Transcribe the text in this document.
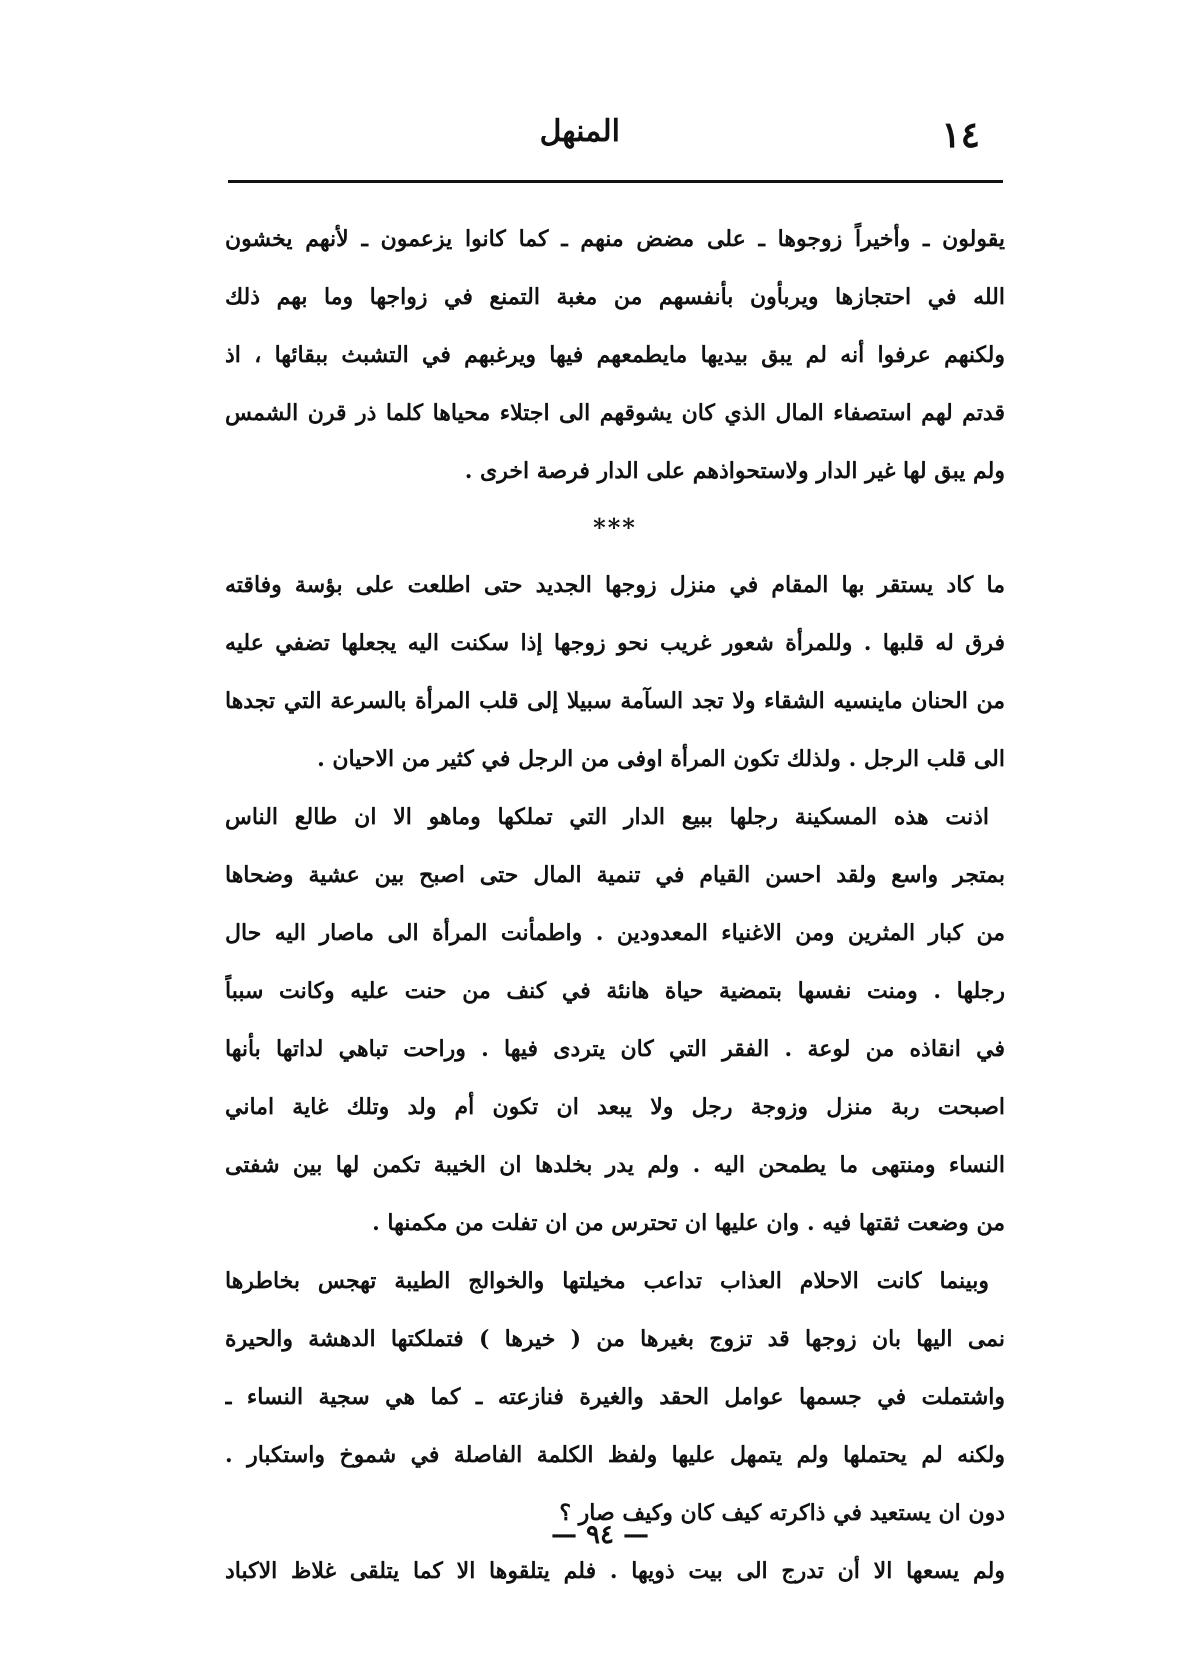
١٤
المنهل
يقولون ـ وأخيراً زوجوها ـ على مضض منهم ـ كما كانوا يزعمون ـ لأنهم يخشون
الله في احتجازها ويربأون بأنفسهم من مغبة التمنع في زواجها وما بهم ذلك
ولكنهم عرفوا أنه لم يبق بيديها مايطمعهم فيها ويرغبهم في التشبث ببقائها ، اذ
قدتم لهم استصفاء المال الذي كان يشوقهم الى اجتلاء محياها كلما ذر قرن الشمس
ولم يبق لها غير الدار ولاستحواذهم على الدار فرصة اخرى .
***
ما كاد يستقر بها المقام في منزل زوجها الجديد حتى اطلعت على بؤسة وفاقته
فرق له قلبها . وللمرأة شعور غريب نحو زوجها إذا سكنت اليه يجعلها تضفي عليه
من الحنان ماينسيه الشقاء ولا تجد السآمة سبيلا إلى قلب المرأة بالسرعة التي تجدها
الى قلب الرجل . ولذلك تكون المرأة اوفى من الرجل في كثير من الاحيان .
اذنت هذه المسكينة رجلها ببيع الدار التي تملكها وماهو الا ان طالع الناس
بمتجر واسع ولقد احسن القيام في تنمية المال حتى اصبح بين عشية وضحاها
من كبار المثرين ومن الاغنياء المعدودين . واطمأنت المرأة الى ماصار اليه حال
رجلها . ومنت نفسها بتمضية حياة هانئة في كنف من حنت عليه وكانت سبباً
في انقاذه من لوعة . الفقر التي كان يتردى فيها . وراحت تباهي لداتها بأنها
اصبحت ربة منزل وزوجة رجل ولا يبعد ان تكون أم ولد وتلك غاية اماني
النساء ومنتهى ما يطمحن اليه . ولم يدر بخلدها ان الخيبة تكمن لها بين شفتى
من وضعت ثقتها فيه . وان عليها ان تحترس من ان تفلت من مكمنها .
وبينما كانت الاحلام العذاب تداعب مخيلتها والخوالج الطيبة تهجس بخاطرها
نمى اليها بان زوجها قد تزوج بغيرها من ( خيرها ) فتملكتها الدهشة والحيرة
واشتملت في جسمها عوامل الحقد والغيرة فنازعته ـ كما هي سجية النساء ـ
ولكنه لم يحتملها ولم يتمهل عليها ولفظ الكلمة الفاصلة في شموخ واستكبار .
دون ان يستعيد في ذاكرته كيف كان وكيف صار ؟
ولم يسعها الا أن تدرج الى بيت ذويها . فلم يتلقوها الا كما يتلقى غلاظ الاكباد
— ٩٤ —
